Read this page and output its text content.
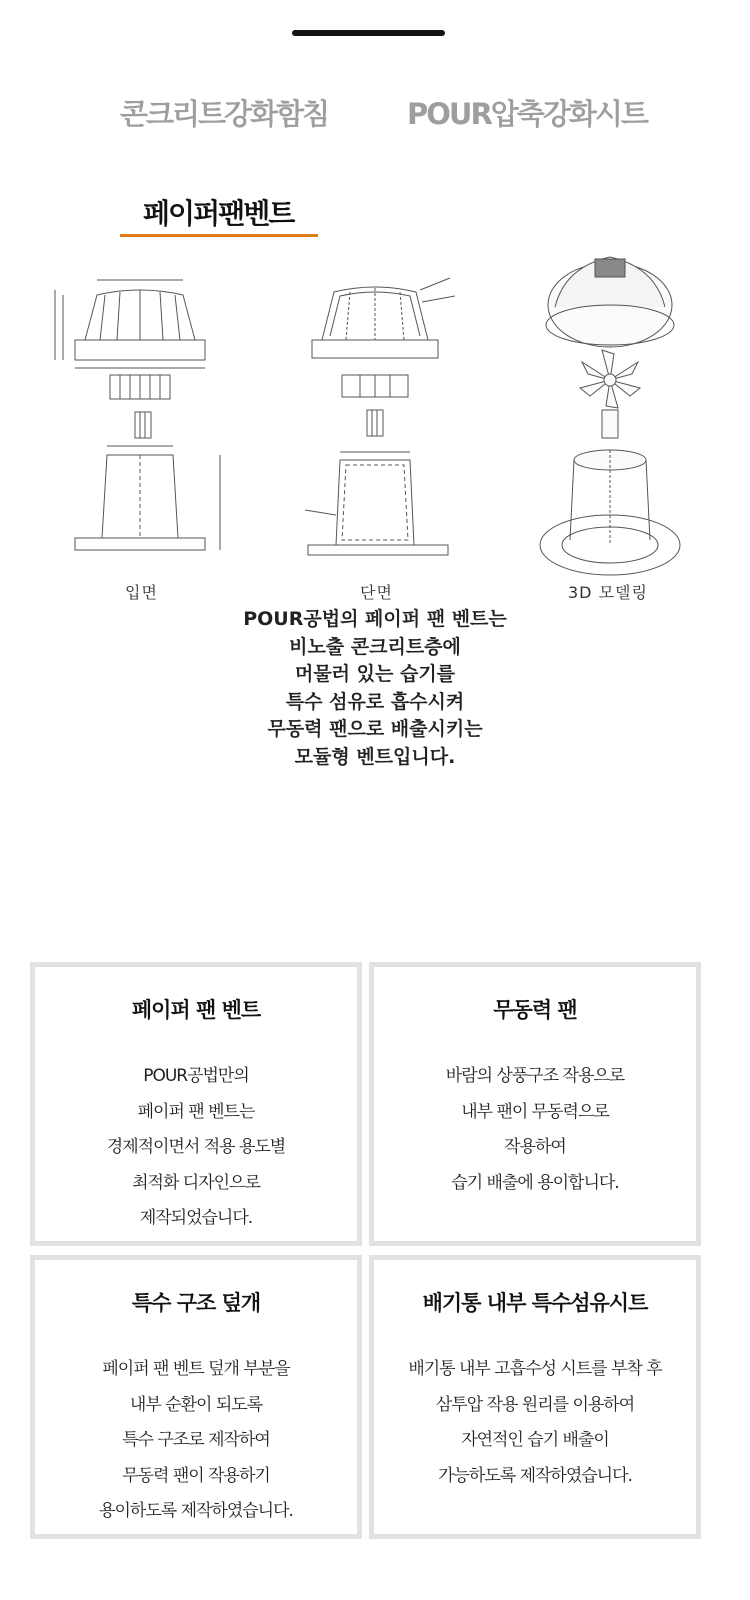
콘크리트강화함침	POUR압축강화시트
페이퍼팬벤트
입면	단면	3D 모델링
POUR공법의 페이퍼 팬 벤트는
비노출 콘크리트층에
머물러 있는 습기를
특수 섬유로 흡수시켜
무동력 팬으로 배출시키는
모듈형 벤트입니다.
페이퍼 팬 벤트
POUR공법만의
페이퍼 팬 벤트는
경제적이면서 적용 용도별
최적화 디자인으로
제작되었습니다.
무동력 팬
바람의 상풍구조 작용으로
내부 팬이 무동력으로
작용하여
습기 배출에 용이합니다.
특수 구조 덮개
페이퍼 팬 벤트 덮개 부분을
내부 순환이 되도록
특수 구조로 제작하여
무동력 팬이 작용하기
용이하도록 제작하였습니다.
배기통 내부 특수섬유시트
배기통 내부 고흡수성 시트를 부착 후
삼투압 작용 원리를 이용하여
자연적인 습기 배출이
가능하도록 제작하였습니다.
